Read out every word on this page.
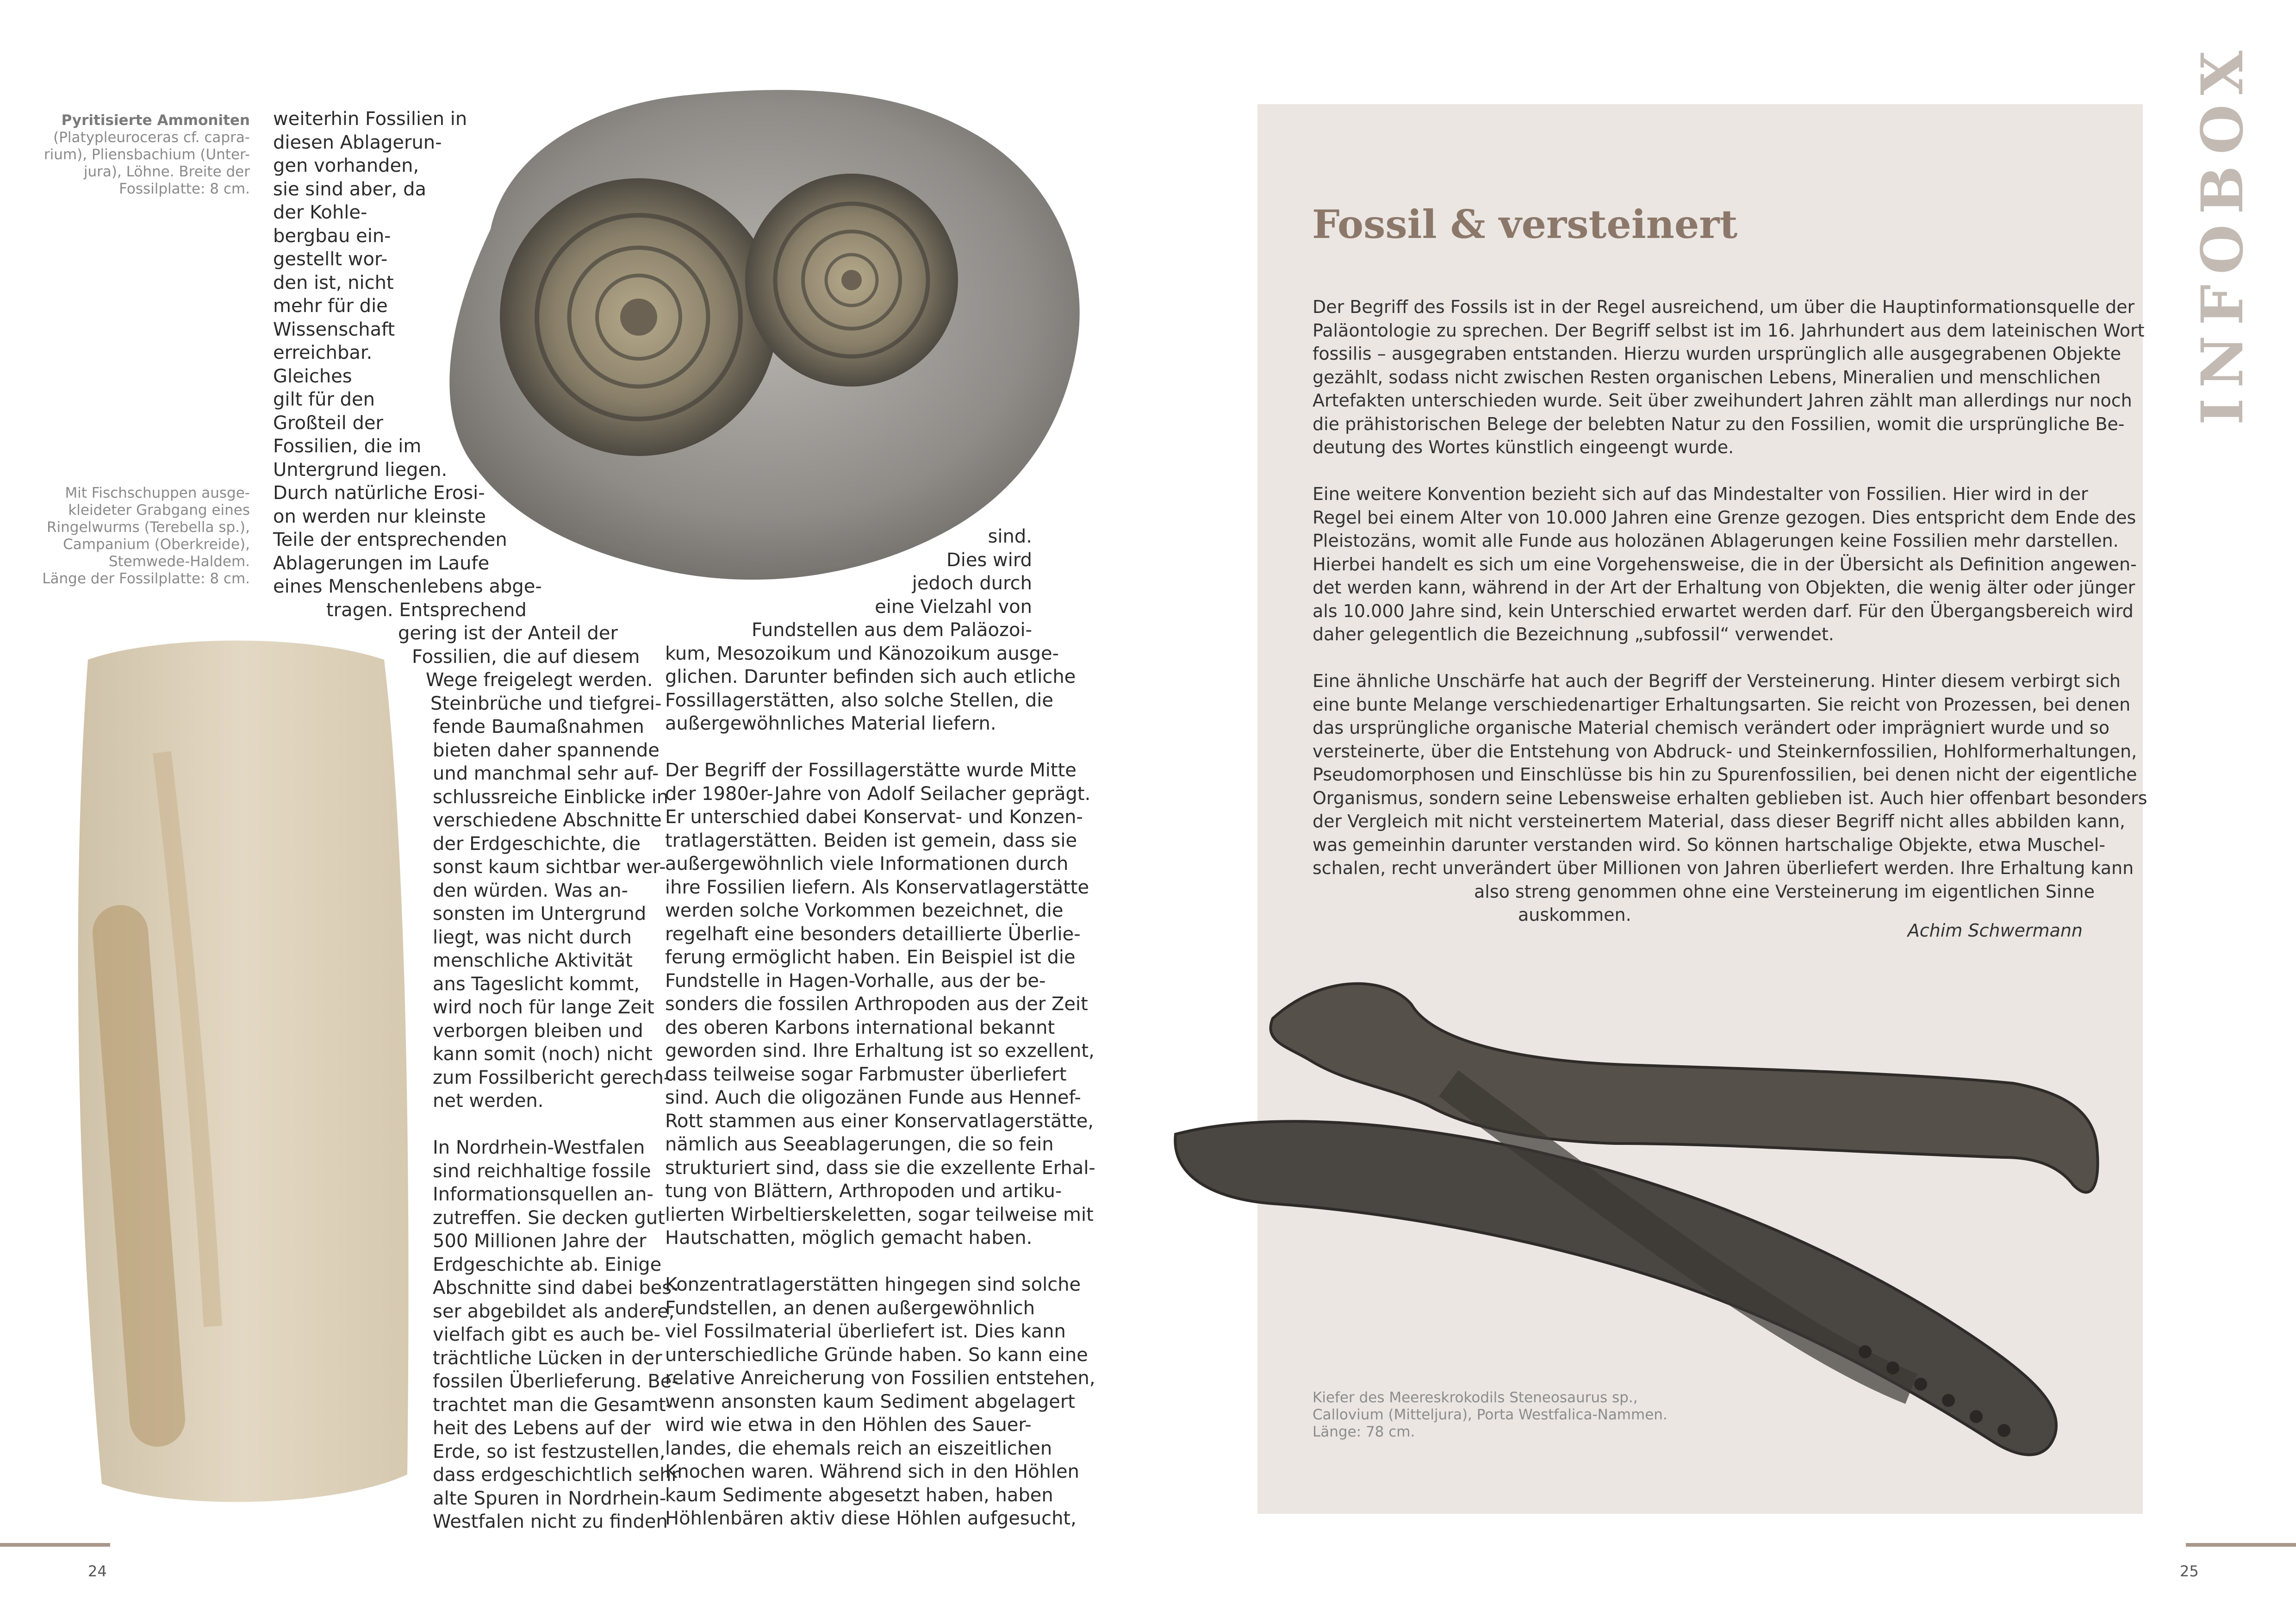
Pyritisierte Ammoniten
(Platypleuroceras cf. capra-
rium), Pliensbachium (Unter-
jura), Löhne. Breite der
Fossilplatte: 8 cm.
Mit Fischschuppen ausge-
kleideter Grabgang eines
Ringelwurms (Terebella sp.),
Campanium (Oberkreide),
Stemwede-Haldem.
Länge der Fossilplatte: 8 cm.
weiterhin Fossilien in
diesen Ablagerun-
gen vorhanden,
sie sind aber, da
der Kohle-
bergbau ein-
gestellt wor-
den ist, nicht
mehr für die
Wissenschaft
erreichbar.
Gleiches
gilt für den
Großteil der
Fossilien, die im
Untergrund liegen.
Durch natürliche Erosi-
on werden nur kleinste
Teile der entsprechenden
Ablagerungen im Laufe
eines Menschenlebens abge-
tragen. Entsprechend
gering ist der Anteil der
Fossilien, die auf diesem
Wege freigelegt werden.
Steinbrüche und tiefgrei-
fende Baumaßnahmen
bieten daher spannende
und manchmal sehr auf-
schlussreiche Einblicke in
verschiedene Abschnitte
der Erdgeschichte, die
sonst kaum sichtbar wer-
den würden. Was an-
sonsten im Untergrund
liegt, was nicht durch
menschliche Aktivität
ans Tageslicht kommt,
wird noch für lange Zeit
verborgen bleiben und
kann somit (noch) nicht
zum Fossilbericht gerech-
net werden.
In Nordrhein-Westfalen
sind reichhaltige fossile
Informationsquellen an-
zutreffen. Sie decken gut
500 Millionen Jahre der
Erdgeschichte ab. Einige
Abschnitte sind dabei bes-
ser abgebildet als andere,
vielfach gibt es auch be-
trächtliche Lücken in der
fossilen Überlieferung. Be-
trachtet man die Gesamt-
heit des Lebens auf der
Erde, so ist festzustellen,
dass erdgeschichtlich sehr
alte Spuren in Nordrhein-
Westfalen nicht zu finden
sind.
Dies wird
jedoch durch
eine Vielzahl von
Fundstellen aus dem Paläozoi-
kum, Mesozoikum und Känozoikum ausge-
glichen. Darunter befinden sich auch etliche
Fossillagerstätten, also solche Stellen, die
außergewöhnliches Material liefern.
Der Begriff der Fossillagerstätte wurde Mitte
der 1980er-Jahre von Adolf Seilacher geprägt.
Er unterschied dabei Konservat- und Konzen-
tratlagerstätten. Beiden ist gemein, dass sie
außergewöhnlich viele Informationen durch
ihre Fossilien liefern. Als Konservatlagerstätte
werden solche Vorkommen bezeichnet, die
regelhaft eine besonders detaillierte Überlie-
ferung ermöglicht haben. Ein Beispiel ist die
Fundstelle in Hagen-Vorhalle, aus der be-
sonders die fossilen Arthropoden aus der Zeit
des oberen Karbons international bekannt
geworden sind. Ihre Erhaltung ist so exzellent,
dass teilweise sogar Farbmuster überliefert
sind. Auch die oligozänen Funde aus Hennef-
Rott stammen aus einer Konservatlagerstätte,
nämlich aus Seeablagerungen, die so fein
strukturiert sind, dass sie die exzellente Erhal-
tung von Blättern, Arthropoden und artiku-
lierten Wirbeltierskeletten, sogar teilweise mit
Hautschatten, möglich gemacht haben.
Konzentratlagerstätten hingegen sind solche
Fundstellen, an denen außergewöhnlich
viel Fossilmaterial überliefert ist. Dies kann
unterschiedliche Gründe haben. So kann eine
relative Anreicherung von Fossilien entstehen,
wenn ansonsten kaum Sediment abgelagert
wird wie etwa in den Höhlen des Sauer-
landes, die ehemals reich an eiszeitlichen
Knochen waren. Während sich in den Höhlen
kaum Sedimente abgesetzt haben, haben
Höhlenbären aktiv diese Höhlen aufgesucht,
24
INFOBOX
Fossil & versteinert
Der Begriff des Fossils ist in der Regel ausreichend, um über die Hauptinformationsquelle der
Paläontologie zu sprechen. Der Begriff selbst ist im 16. Jahrhundert aus dem lateinischen Wort
fossilis – ausgegraben entstanden. Hierzu wurden ursprünglich alle ausgegrabenen Objekte
gezählt, sodass nicht zwischen Resten organischen Lebens, Mineralien und menschlichen
Artefakten unterschieden wurde. Seit über zweihundert Jahren zählt man allerdings nur noch
die prähistorischen Belege der belebten Natur zu den Fossilien, womit die ursprüngliche Be-
deutung des Wortes künstlich eingeengt wurde.
Eine weitere Konvention bezieht sich auf das Mindestalter von Fossilien. Hier wird in der
Regel bei einem Alter von 10.000 Jahren eine Grenze gezogen. Dies entspricht dem Ende des
Pleistozäns, womit alle Funde aus holozänen Ablagerungen keine Fossilien mehr darstellen.
Hierbei handelt es sich um eine Vorgehensweise, die in der Übersicht als Definition angewen-
det werden kann, während in der Art der Erhaltung von Objekten, die wenig älter oder jünger
als 10.000 Jahre sind, kein Unterschied erwartet werden darf. Für den Übergangsbereich wird
daher gelegentlich die Bezeichnung „subfossil“ verwendet.
Eine ähnliche Unschärfe hat auch der Begriff der Versteinerung. Hinter diesem verbirgt sich
eine bunte Melange verschiedenartiger Erhaltungsarten. Sie reicht von Prozessen, bei denen
das ursprüngliche organische Material chemisch verändert oder imprägniert wurde und so
versteinerte, über die Entstehung von Abdruck- und Steinkernfossilien, Hohlformerhaltungen,
Pseudomorphosen und Einschlüsse bis hin zu Spurenfossilien, bei denen nicht der eigentliche
Organismus, sondern seine Lebensweise erhalten geblieben ist. Auch hier offenbart besonders
der Vergleich mit nicht versteinertem Material, dass dieser Begriff nicht alles abbilden kann,
was gemeinhin darunter verstanden wird. So können hartschalige Objekte, etwa Muschel-
schalen, recht unverändert über Millionen von Jahren überliefert werden. Ihre Erhaltung kann
also streng genommen ohne eine Versteinerung im eigentlichen Sinne
auskommen.
Achim Schwermann
Kiefer des Meereskrokodils Steneosaurus sp.,
Callovium (Mitteljura), Porta Westfalica-Nammen.
Länge: 78 cm.
25
